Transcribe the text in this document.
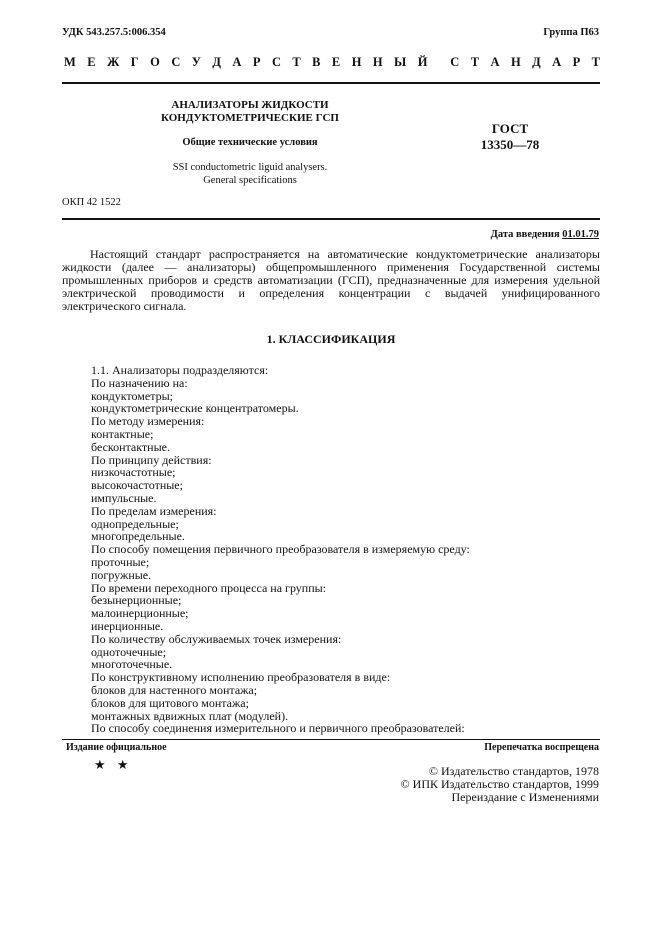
УДК 543.257.5:006.354	Группа П63
М Е Ж Г О С У Д А Р С Т В Е Н Н Ы Й С Т А Н Д А Р Т
АНАЛИЗАТОРЫ ЖИДКОСТИ
КОНДУКТОМЕТРИЧЕСКИЕ ГСП
Общие технические условия
SSI conductometric liguid analysers.
General specifications
ГОСТ
13350—78
ОКП 42 1522
Дата введения 01.01.79
Настоящий стандарт распространяется на автоматические кондуктометрические анализаторы жидкости (далее — анализаторы) общепромышленного применения Государственной системы промышленных приборов и средств автоматизации (ГСП), предназначенные для измерения удельной электрической проводимости и определения концентрации с выдачей унифицированного электрического сигнала.
1. КЛАССИФИКАЦИЯ
1.1. Анализаторы подразделяются:
По назначению на:
кондуктометры;
кондуктометрические концентратомеры.
По методу измерения:
контактные;
бесконтактные.
По принципу действия:
низкочастотные;
высокочастотные;
импульсные.
По пределам измерения:
однопредельные;
многопредельные.
По способу помещения первичного преобразователя в измеряемую среду:
проточные;
погружные.
По времени переходного процесса на группы:
безынерционные;
малоинерционные;
инерционные.
По количеству обслуживаемых точек измерения:
одноточечные;
многоточечные.
По конструктивному исполнению преобразователя в виде:
блоков для настенного монтажа;
блоков для щитового монтажа;
монтажных вдвижных плат (модулей).
По способу соединения измерительного и первичного преобразователей:
Издание официальное	Перепечатка воспрещена
★ ★	© Издательство стандартов, 1978
© ИПК Издательство стандартов, 1999
Переиздание с Изменениями
